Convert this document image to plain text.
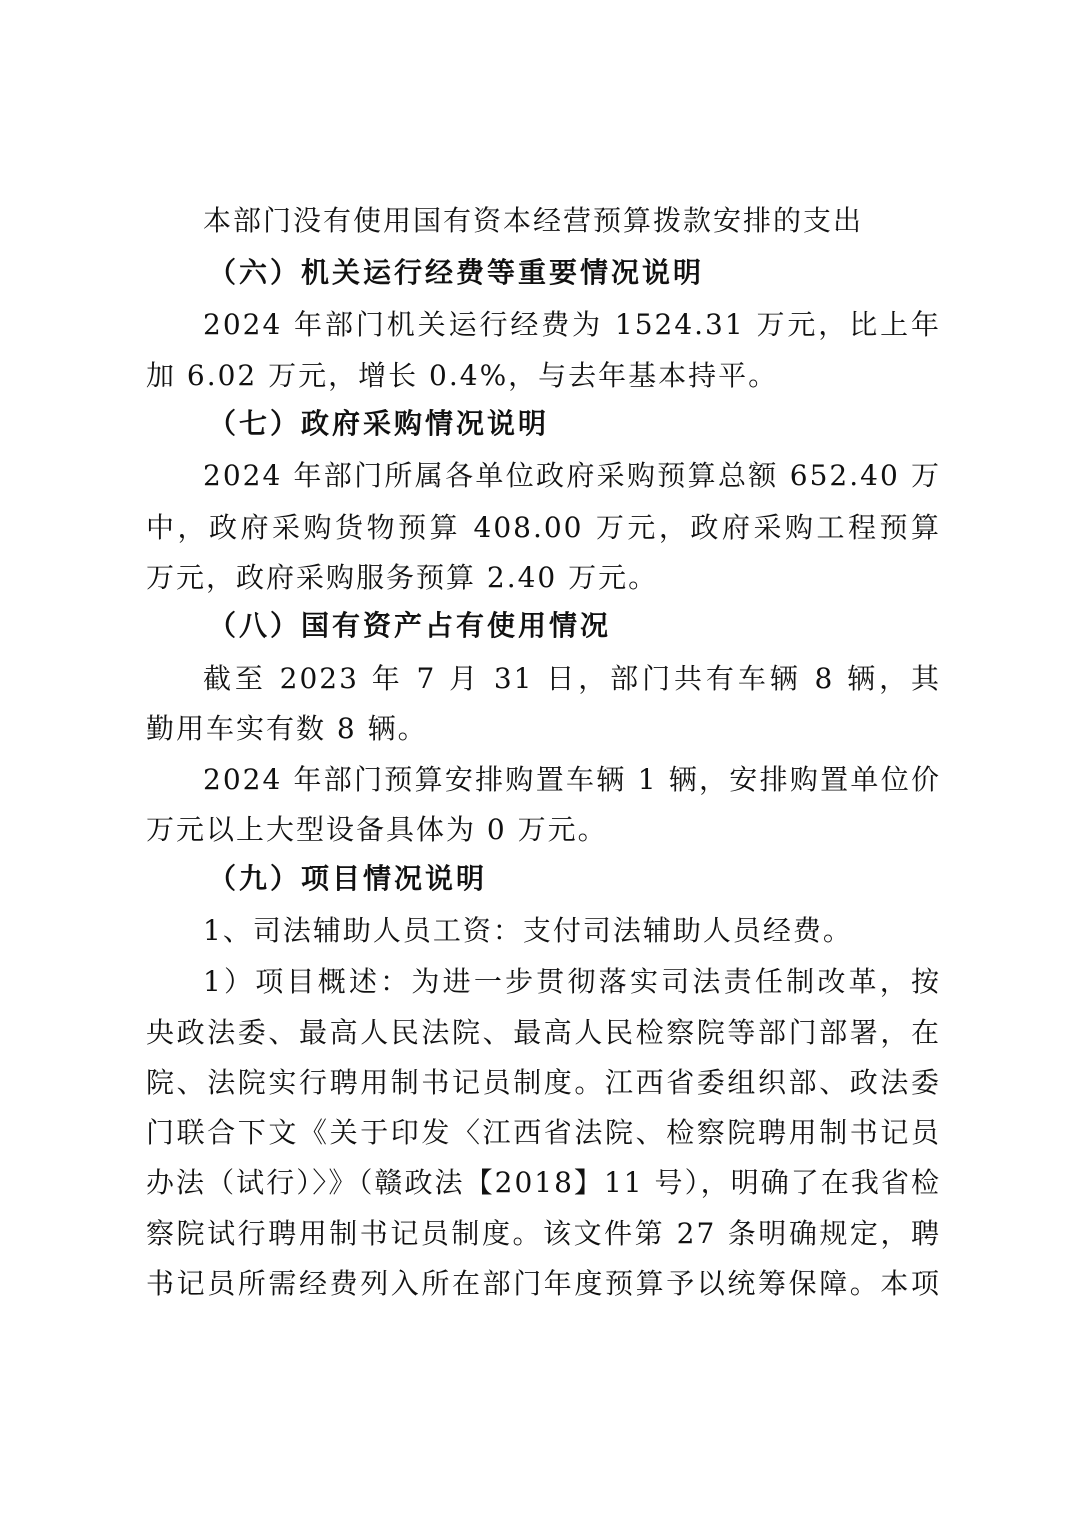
本部门没有使用国有资本经营预算拨款安排的支出
（六）机关运行经费等重要情况说明
2024 年部门机关运行经费为 1524.31 万元，比上年
加 6.02 万元，增长 0.4%，与去年基本持平。
（七）政府采购情况说明
2024 年部门所属各单位政府采购预算总额 652.40 万
中，政府采购货物预算 408.00 万元，政府采购工程预算
万元，政府采购服务预算 2.40 万元。
（八）国有资产占有使用情况
截至 2023 年 7 月 31 日，部门共有车辆 8 辆，其
勤用车实有数 8 辆。
2024 年部门预算安排购置车辆 1 辆，安排购置单位价
万元以上大型设备具体为 0 万元。
（九）项目情况说明
1、司法辅助人员工资：支付司法辅助人员经费。
1）项目概述：为进一步贯彻落实司法责任制改革，按
央政法委、最高人民法院、最高人民检察院等部门部署，在
院、法院实行聘用制书记员制度。江西省委组织部、政法委
门联合下文《关于印发〈江西省法院、检察院聘用制书记员
办法（试行）〉》（赣政法【2018】11 号），明确了在我省检
察院试行聘用制书记员制度。该文件第 27 条明确规定，聘
书记员所需经费列入所在部门年度预算予以统筹保障。本项
